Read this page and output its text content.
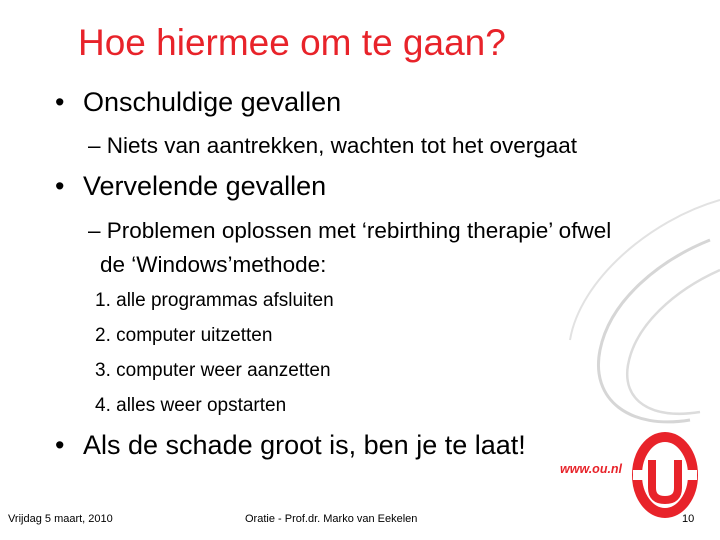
Hoe hiermee om te gaan?
• Onschuldige gevallen
– Niets van aantrekken, wachten tot het overgaat
• Vervelende gevallen
– Problemen oplossen met ‘rebirthing therapie’ ofwel
de ‘Windows’methode:
1. alle programmas afsluiten
2. computer uitzetten
3. computer weer aanzetten
4. alles weer opstarten
• Als de schade groot is, ben je te laat!
www.ou.nl
Vrijdag 5 maart, 2010	Oratie - Prof.dr. Marko van Eekelen	10
